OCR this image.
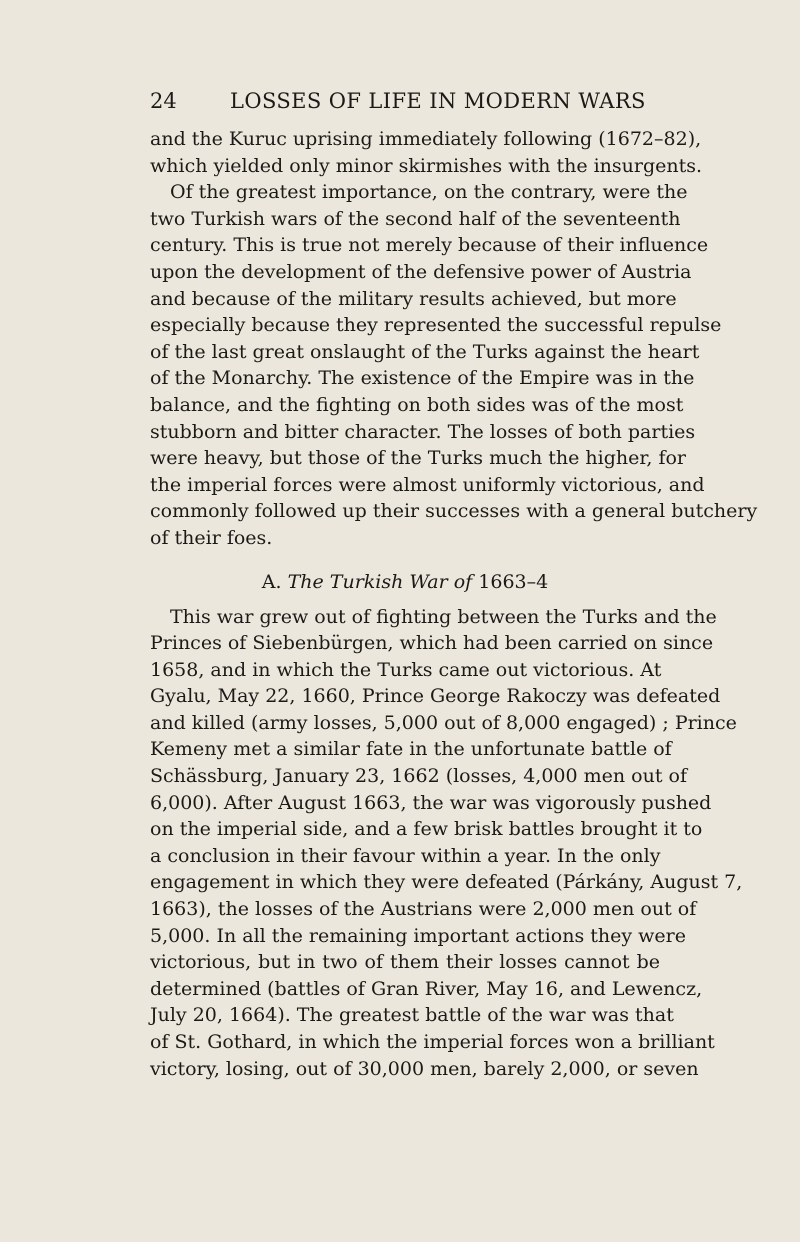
24	LOSSES OF LIFE IN MODERN WARS
and the Kuruc uprising immediately following (1672–82),
which yielded only minor skirmishes with the insurgents.
Of the greatest importance, on the contrary, were the
two Turkish wars of the second half of the seventeenth
century. This is true not merely because of their influence
upon the development of the defensive power of Austria
and because of the military results achieved, but more
especially because they represented the successful repulse
of the last great onslaught of the Turks against the heart
of the Monarchy. The existence of the Empire was in the
balance, and the fighting on both sides was of the most
stubborn and bitter character. The losses of both parties
were heavy, but those of the Turks much the higher, for
the imperial forces were almost uniformly victorious, and
commonly followed up their successes with a general butchery
of their foes.
A. The Turkish War of 1663–4
This war grew out of fighting between the Turks and the
Princes of Siebenbürgen, which had been carried on since
1658, and in which the Turks came out victorious. At
Gyalu, May 22, 1660, Prince George Rakoczy was defeated
and killed (army losses, 5,000 out of 8,000 engaged) ; Prince
Kemeny met a similar fate in the unfortunate battle of
Schässburg, January 23, 1662 (losses, 4,000 men out of
6,000). After August 1663, the war was vigorously pushed
on the imperial side, and a few brisk battles brought it to
a conclusion in their favour within a year. In the only
engagement in which they were defeated (Párkány, August 7,
1663), the losses of the Austrians were 2,000 men out of
5,000. In all the remaining important actions they were
victorious, but in two of them their losses cannot be
determined (battles of Gran River, May 16, and Lewencz,
July 20, 1664). The greatest battle of the war was that
of St. Gothard, in which the imperial forces won a brilliant
victory, losing, out of 30,000 men, barely 2,000, or seven
